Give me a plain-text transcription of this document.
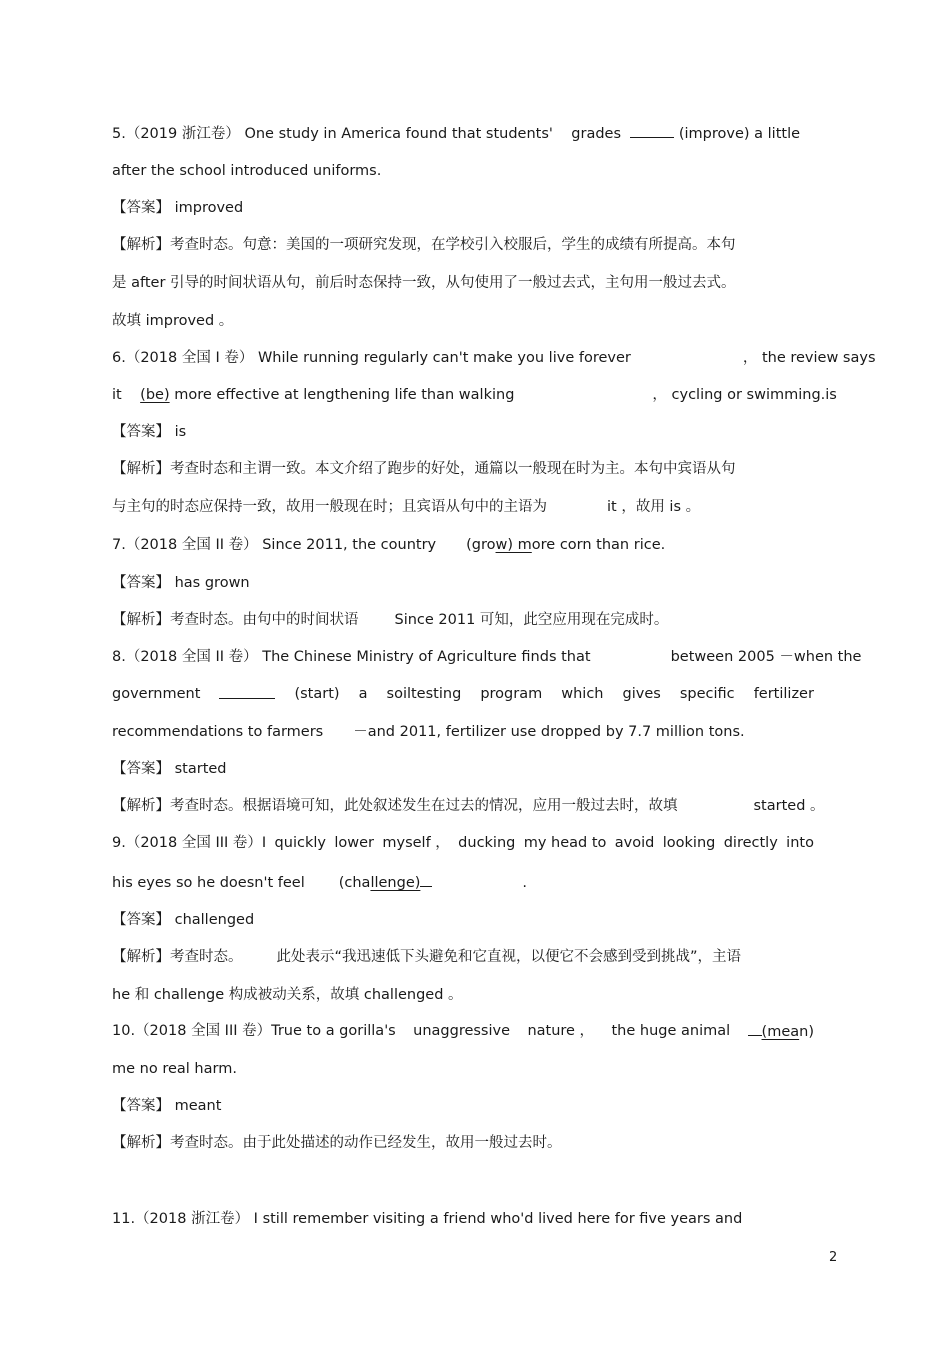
5.（2019 浙江卷） One study in America found that students' grades	(improve) a little
after the school introduced uniforms.
【答案】 improved
【解析】考查时态。句意：美国的一项研究发现，在学校引入校服后，学生的成绩有所提高。本句
是 after 引导的时间状语从句，前后时态保持一致，从句使用了一般过去式，主句用一般过去式。
故填 improved 。
6.（2018 全国 I 卷） While running regularly can't make you live forever	， the review says
it (be) more effective at lengthening life than walking	， cycling or swimming.is
【答案】 is
【解析】考查时态和主谓一致。本文介绍了跑步的好处，通篇以一般现在时为主。本句中宾语从句
与主句的时态应保持一致，故用一般现在时；且宾语从句中的主语为	it ，故用 is 。
7.（2018 全国 II 卷） Since 2011, the country (grow) more corn than rice.
【答案】 has grown
【解析】考查时态。由句中的时间状语 Since 2011 可知，此空应用现在完成时。
8.（2018 全国 II 卷） The Chinese Ministry of Agriculture finds that	between 2005 －when the
government	(start) a soiltesting program which gives specific fertilizer
recommendations to farmers －and 2011, fertilizer use dropped by 7.7 million tons.
【答案】 started
【解析】考查时态。根据语境可知，此处叙述发生在过去的情况，应用一般过去时，故填	started 。
9.（2018 全国 III 卷）I quickly lower myself ， ducking my head to avoid looking directly into
his eyes so he doesn't feel (challenge)	.
【答案】 challenged
【解析】考查时态。 此处表示“我迅速低下头避免和它直视，以便它不会感到受到挑战”，主语
he 和 challenge 构成被动关系，故填 challenged 。
10.（2018 全国 III 卷）True to a gorilla's unaggressive nature ， the huge animal	(mean)
me no real harm.
【答案】 meant
【解析】考查时态。由于此处描述的动作已经发生，故用一般过去时。
11.（2018 浙江卷） I still remember visiting a friend who'd lived here for five years and
2
